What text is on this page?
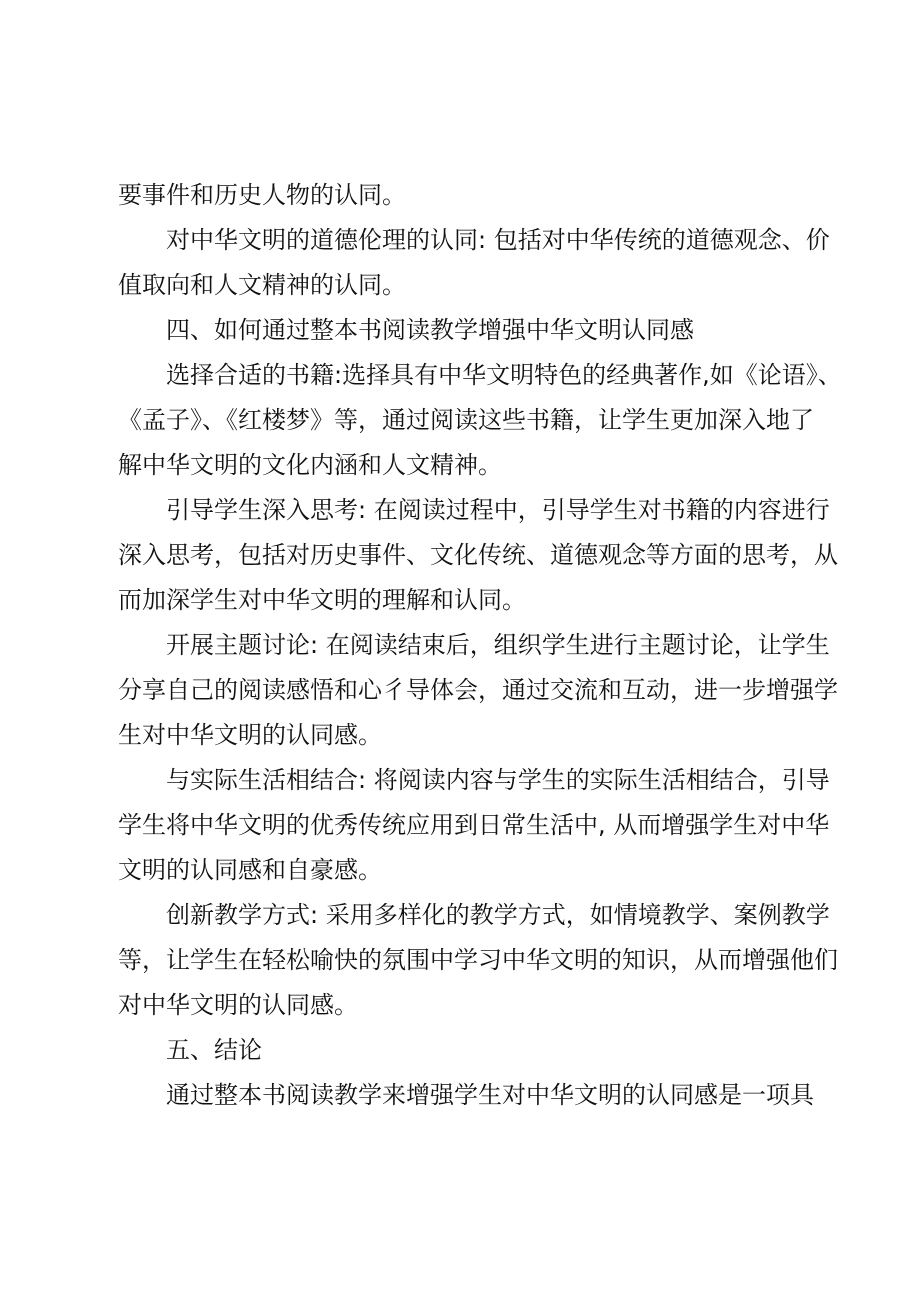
要事件和历史人物的认同。

对中华文明的道德伦理的认同: 包括对中华传统的道德观念、价
值取向和人文精神的认同。

四、如何通过整本书阅读教学增强中华文明认同感

选择合适的书籍:选择具有中华文明特色的经典著作,如《论语》、
《孟子》、《红楼梦》等，通过阅读这些书籍，让学生更加深入地了
解中华文明的文化内涵和人文精神。

引导学生深入思考: 在阅读过程中，引导学生对书籍的内容进行
深入思考，包括对历史事件、文化传统、道德观念等方面的思考，从
而加深学生对中华文明的理解和认同。

开展主题讨论: 在阅读结束后，组织学生进行主题讨论，让学生
分享自己的阅读感悟和心彳导体会，通过交流和互动，进一步增强学
生对中华文明的认同感。

与实际生活相结合: 将阅读内容与学生的实际生活相结合，引导
学生将中华文明的优秀传统应用到日常生活中, 从而增强学生对中华
文明的认同感和自豪感。

创新教学方式: 采用多样化的教学方式，如情境教学、案例教学
等，让学生在轻松喻快的氛围中学习中华文明的知识，从而增强他们
对中华文明的认同感。

五、结论

通过整本书阅读教学来增强学生对中华文明的认同感是一项具
